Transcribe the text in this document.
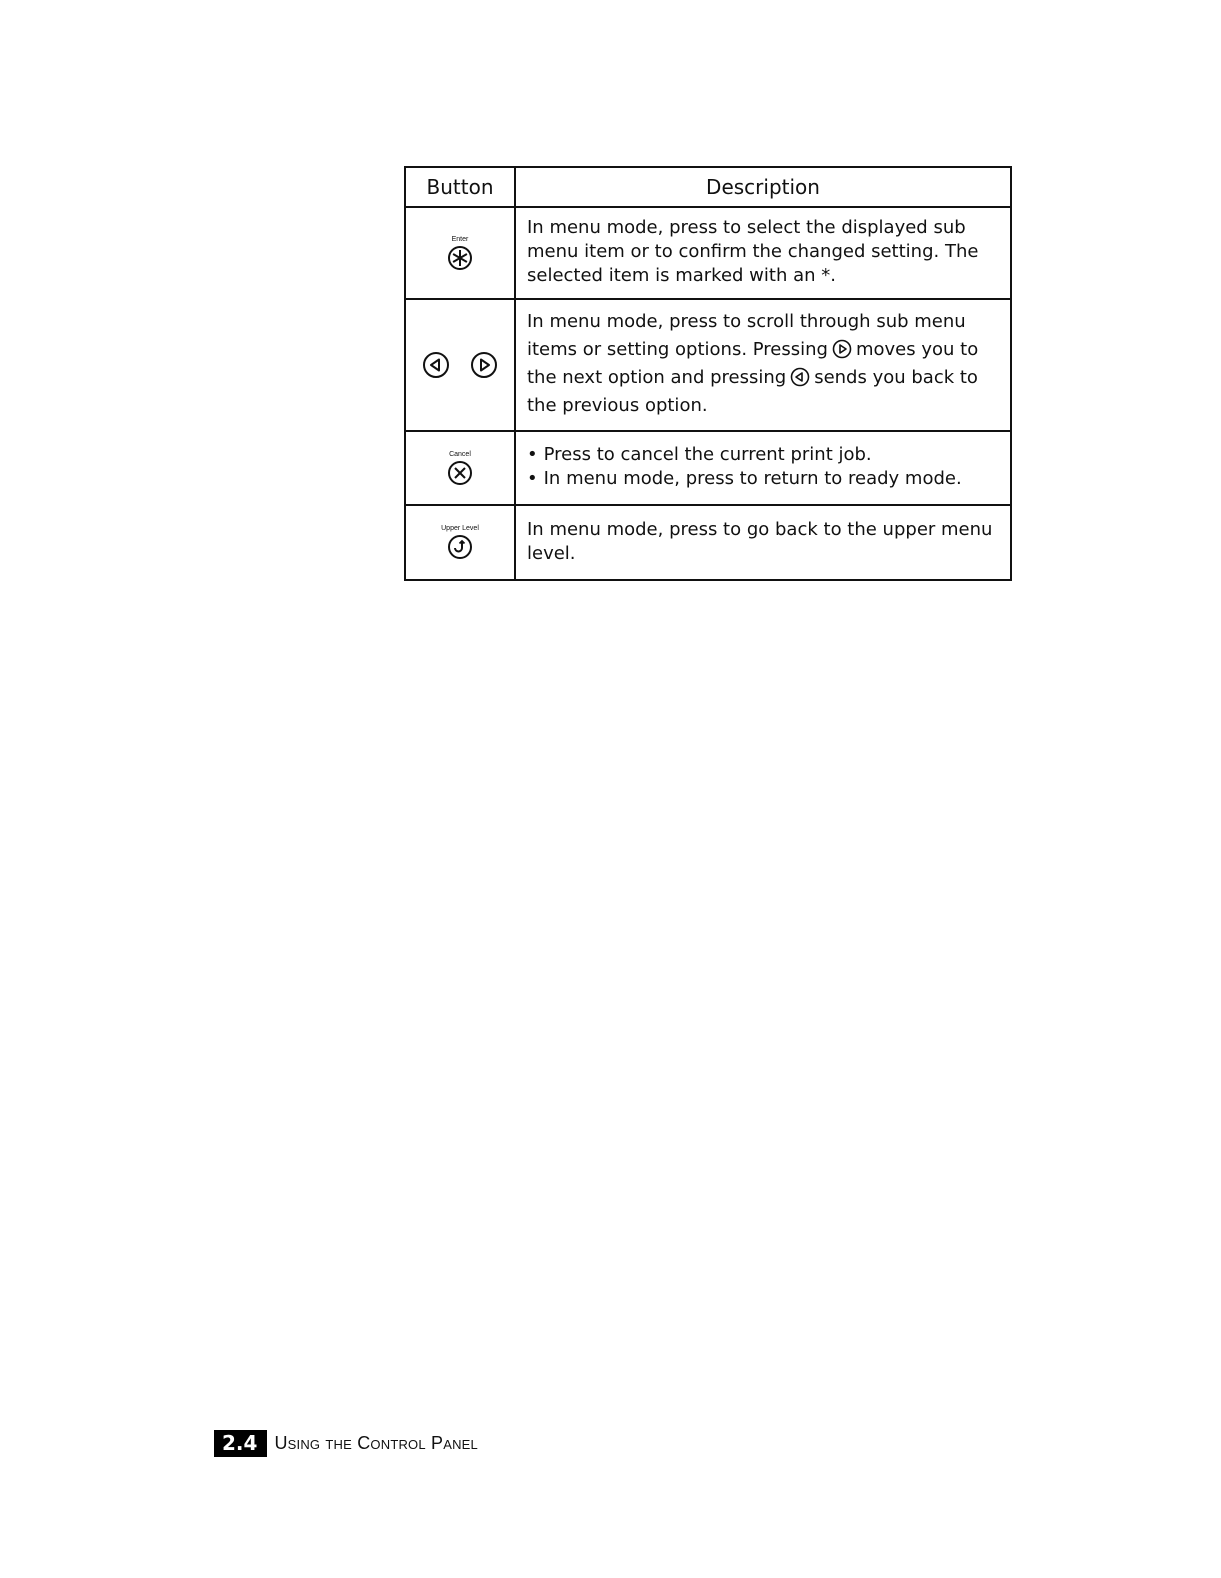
Button	Description

Enter	In menu mode, press to select the displayed sub menu item or to confirm the changed setting. The selected item is marked with an *.
	In menu mode, press to scroll through sub menu items or setting options. Pressing moves you to the next option and pressing sends you back to the previous option.

Cancel	• Press to cancel the current print job.
• In menu mode, press to return to ready mode.

Upper Level	In menu mode, press to go back to the upper menu level.
2.4 Using the Control Panel
